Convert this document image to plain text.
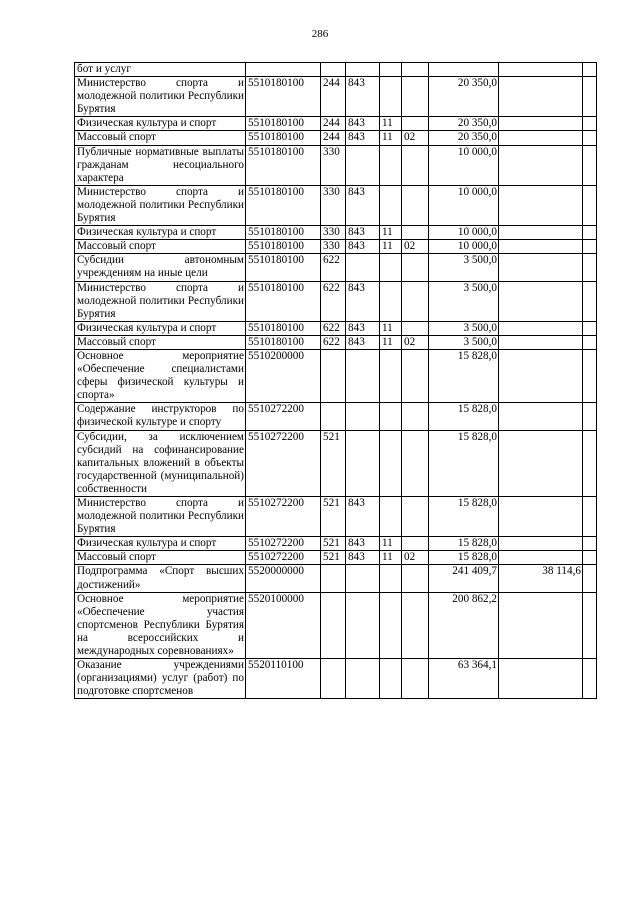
286
бот и услуг								
Министерство спорта и молодежной политики Республики Бурятия	5510180100	244	843			20 350,0		
Физическая культура и спорт	5510180100	244	843	11		20 350,0		
Массовый спорт	5510180100	244	843	11	02	20 350,0		
Публичные нормативные выплаты гражданам несоциального характера	5510180100	330				10 000,0		
Министерство спорта и молодежной политики Республики Бурятия	5510180100	330	843			10 000,0		
Физическая культура и спорт	5510180100	330	843	11		10 000,0		
Массовый спорт	5510180100	330	843	11	02	10 000,0		
Субсидии автономным учреждениям на иные цели	5510180100	622				3 500,0		
Министерство спорта и молодежной политики Республики Бурятия	5510180100	622	843			3 500,0		
Физическая культура и спорт	5510180100	622	843	11		3 500,0		
Массовый спорт	5510180100	622	843	11	02	3 500,0		
Основное мероприятие «Обеспечение специалистами сферы физической культуры и спорта»	5510200000					15 828,0		
Содержание инструкторов по физической культуре и спорту	5510272200					15 828,0		
Субсидии, за исключением субсидий на софинансирование капитальных вложений в объекты государственной (муниципальной) собственности	5510272200	521				15 828,0		
Министерство спорта и молодежной политики Республики Бурятия	5510272200	521	843			15 828,0		
Физическая культура и спорт	5510272200	521	843	11		15 828,0		
Массовый спорт	5510272200	521	843	11	02	15 828,0		
Подпрограмма «Спорт высших достижений»	5520000000					241 409,7	38 114,6	
Основное мероприятие «Обеспечение участия спортсменов Республики Бурятия на всероссийских и международных соревнованиях»	5520100000					200 862,2		
Оказание учреждениями (организациями) услуг (работ) по подготовке спортсменов	5520110100					63 364,1		
